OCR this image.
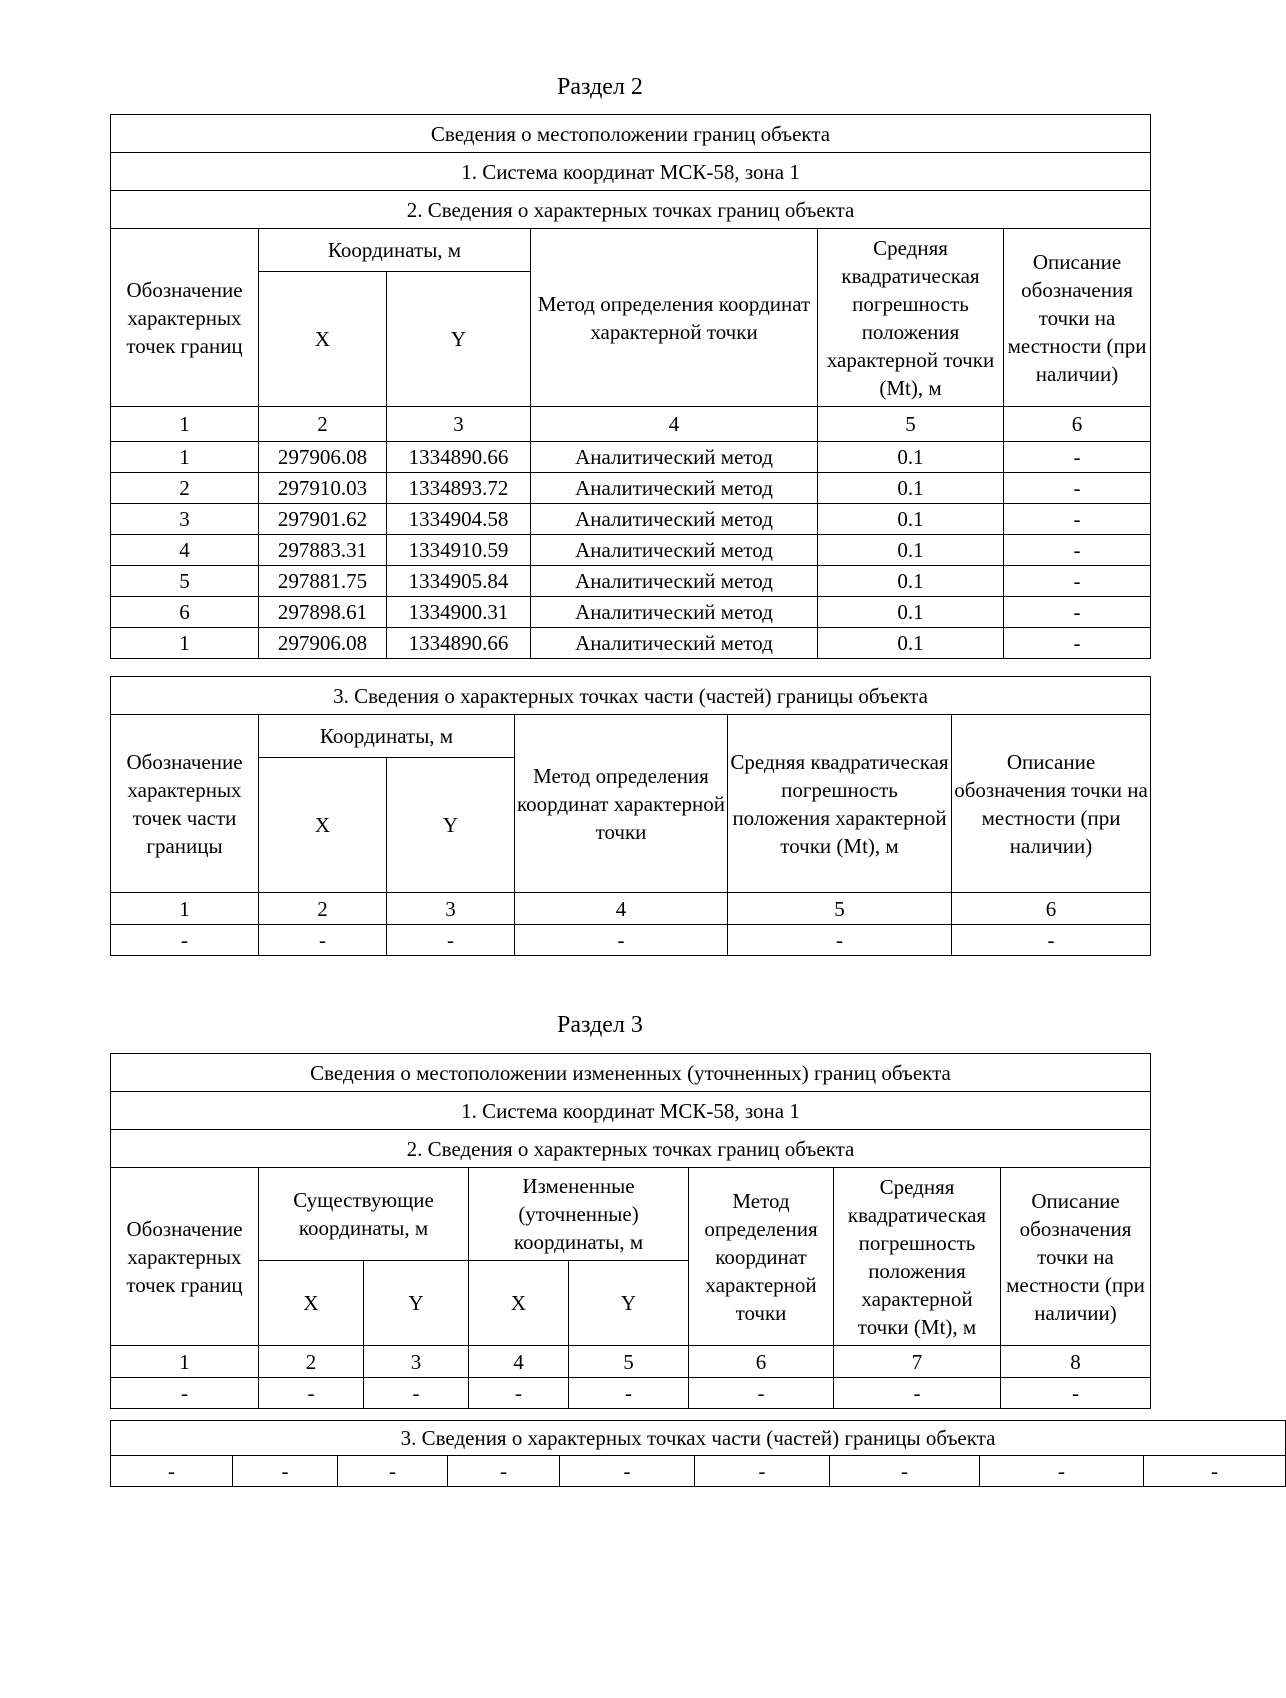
Раздел 2
Сведения о местоположении границ объекта					
1. Система координат МСК-58, зона 1					
2. Сведения о характерных точках границ объекта					
Обозначение характерных точек границ	Координаты, м		Метод определения координат характерной точки	Средняя квадратическая погрешность положения характерной точки (Mt), м	Описание обозначения точки на местности (при наличии)
	X	Y			
1	2	3	4	5	6
1	297906.08	1334890.66	Аналитический метод	0.1	-
2	297910.03	1334893.72	Аналитический метод	0.1	-
3	297901.62	1334904.58	Аналитический метод	0.1	-
4	297883.31	1334910.59	Аналитический метод	0.1	-
5	297881.75	1334905.84	Аналитический метод	0.1	-
6	297898.61	1334900.31	Аналитический метод	0.1	-
1	297906.08	1334890.66	Аналитический метод	0.1	-
3. Сведения о характерных точках части (частей) границы объекта					
Обозначение характерных точек части границы	Координаты, м		Метод определения координат характерной точки	Средняя квадратическая погрешность положения характерной точки (Mt), м	Описание обозначения точки на местности (при наличии)
	X	Y			
1	2	3	4	5	6
-	-	-	-	-	-
Раздел 3
Сведения о местоположении измененных (уточненных) границ объекта							
1. Система координат МСК-58, зона 1							
2. Сведения о характерных точках границ объекта							
Обозначение характерных точек границ	Существующие координаты, м		Измененные (уточненные) координаты, м		Метод определения координат характерной точки	Средняя квадратическая погрешность положения характерной точки (Mt), м	Описание обозначения точки на местности (при наличии)
	X	Y	X	Y			
1	2	3	4	5	6	7	8
-	-	-	-	-	-	-	-
3. Сведения о характерных точках части (частей) границы объекта
-	-	-	-	-	-	-	-	-
